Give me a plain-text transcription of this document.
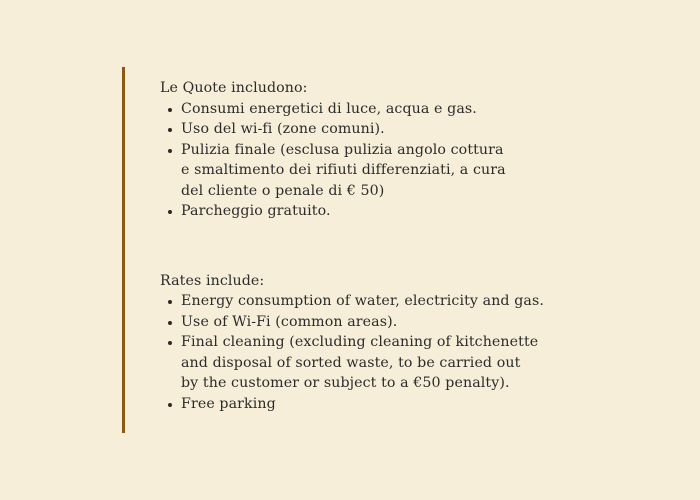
Le Quote includono:

Consumi energetici di luce, acqua e gas.
Uso del wi-fi (zone comuni).
Pulizia finale (esclusa pulizia angolo cottura e smaltimento dei rifiuti differenziati, a cura del cliente o penale di € 50)
Parcheggio gratuito.

Rates include:

Energy consumption of water, electricity and gas.
Use of Wi-Fi (common areas).
Final cleaning (excluding cleaning of kitchenette and disposal of sorted waste, to be carried out by the customer or subject to a €50 penalty).
Free parking
